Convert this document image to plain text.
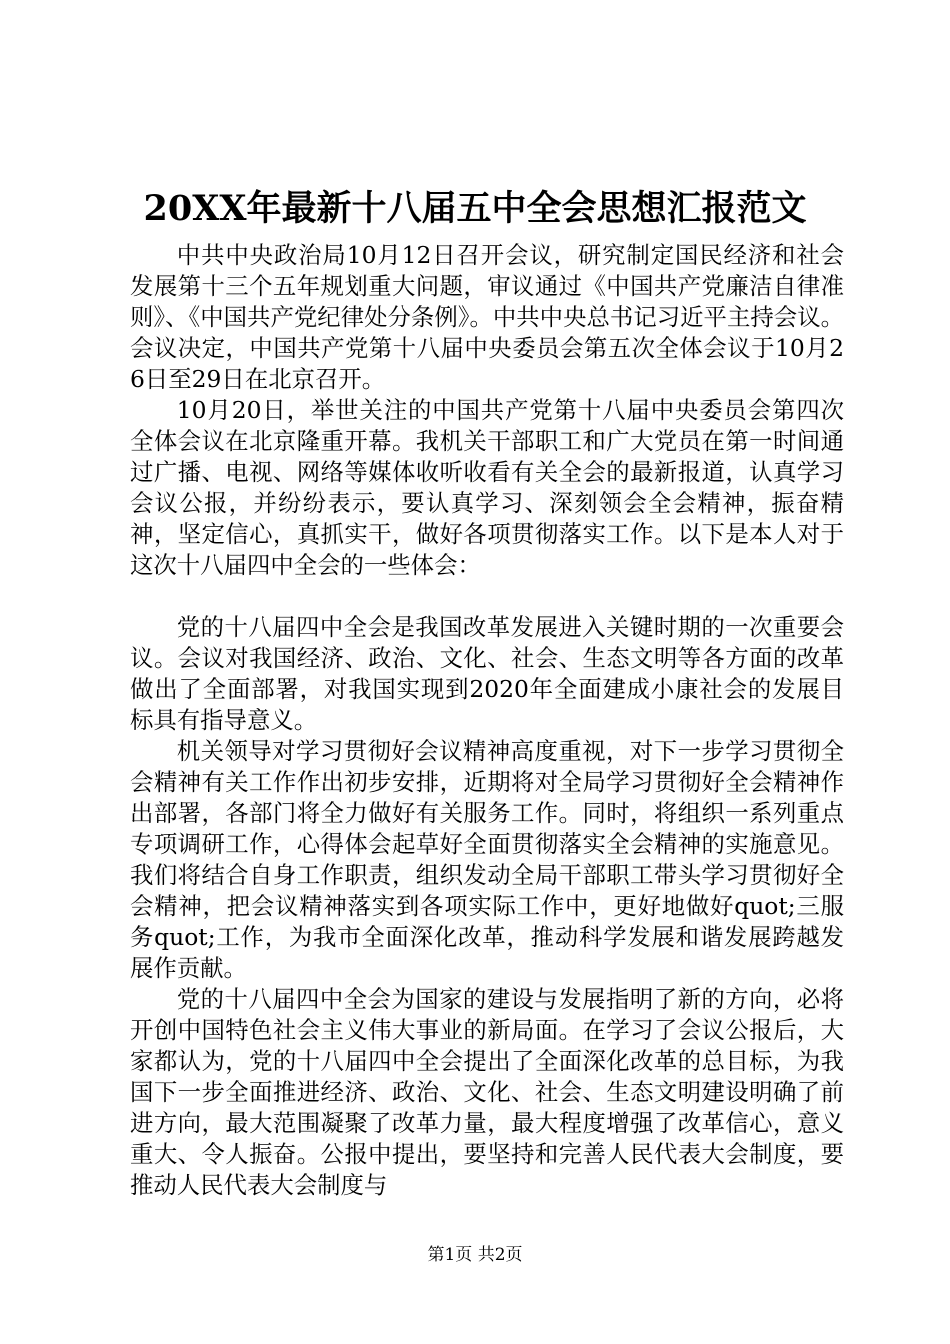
20XX年最新十八届五中全会思想汇报范文

中共中央政治局10月12日召开会议，研究制定国民经济和社会发展第十三个五年规划重大问题，审议通过《中国共产党廉洁自律准则》、《中国共产党纪律处分条例》。中共中央总书记习近平主持会议。会议决定，中国共产党第十八届中央委员会第五次全体会议于10月26日至29日在北京召开。

10月20日，举世关注的中国共产党第十八届中央委员会第四次全体会议在北京隆重开幕。我机关干部职工和广大党员在第一时间通过广播、电视、网络等媒体收听收看有关全会的最新报道，认真学习会议公报，并纷纷表示，要认真学习、深刻领会全会精神，振奋精神，坚定信心，真抓实干，做好各项贯彻落实工作。以下是本人对于这次十八届四中全会的一些体会：

党的十八届四中全会是我国改革发展进入关键时期的一次重要会议。会议对我国经济、政治、文化、社会、生态文明等各方面的改革做出了全面部署，对我国实现到2020年全面建成小康社会的发展目标具有指导意义。

机关领导对学习贯彻好会议精神高度重视，对下一步学习贯彻全会精神有关工作作出初步安排，近期将对全局学习贯彻好全会精神作出部署，各部门将全力做好有关服务工作。同时，将组织一系列重点专项调研工作，心得体会起草好全面贯彻落实全会精神的实施意见。我们将结合自身工作职责，组织发动全局干部职工带头学习贯彻好全会精神，把会议精神落实到各项实际工作中，更好地做好quot;三服务quot;工作，为我市全面深化改革，推动科学发展和谐发展跨越发展作贡献。

党的十八届四中全会为国家的建设与发展指明了新的方向，必将开创中国特色社会主义伟大事业的新局面。在学习了会议公报后，大家都认为，党的十八届四中全会提出了全面深化改革的总目标，为我国下一步全面推进经济、政治、文化、社会、生态文明建设明确了前进方向，最大范围凝聚了改革力量，最大程度增强了改革信心，意义重大、令人振奋。公报中提出，要坚持和完善人民代表大会制度，要推动人民代表大会制度与

第1页 共2页
